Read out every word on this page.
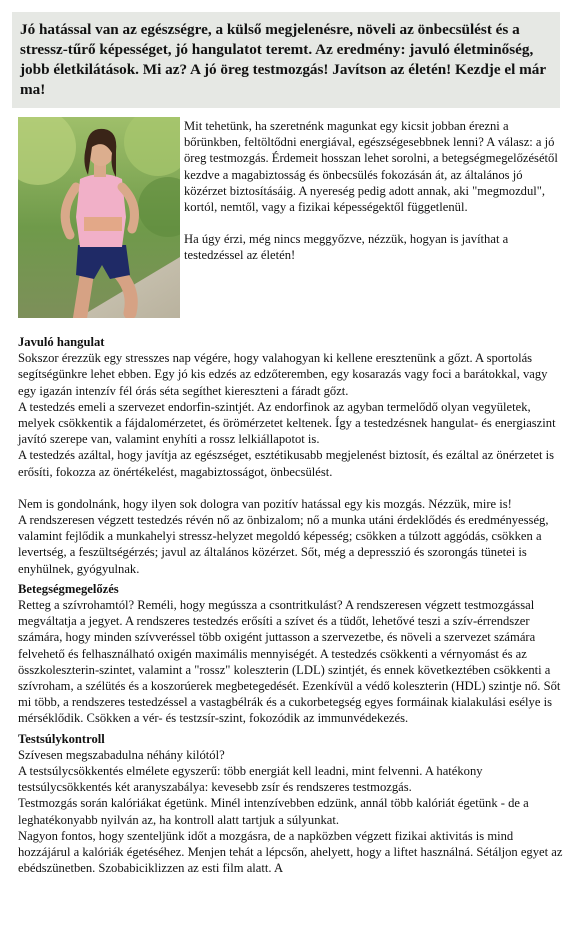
Jó hatással van az egészségre, a külső megjelenésre, növeli az önbecsülést és a stressz-tűrő képességet, jó hangulatot teremt. Az eredmény: javuló életminőség, jobb életkilátások. Mi az? A jó öreg testmozgás! Javítson az életén! Kezdje el már ma!

Mit tehetünk, ha szeretnénk magunkat egy kicsit jobban érezni a bőrünkben, feltöltődni energiával, egészségesebbnek lenni? A válasz: a jó öreg testmozgás. Érdemeit hosszan lehet sorolni, a betegségmegelőzésétől kezdve a magabiztosság és önbecsülés fokozásán át, az általános jó közérzet biztosításáig. A nyereség pedig adott annak, aki "megmozdul", kortól, nemtől, vagy a fizikai képességektől függetlenül.

Ha úgy érzi, még nincs meggyőzve, nézzük, hogyan is javíthat a testedzéssel az életén!

Javuló hangulat

Sokszor érezzük egy stresszes nap végére, hogy valahogyan ki kellene eresztenünk a gőzt. A sportolás segítségünkre lehet ebben. Egy jó kis edzés az edzőteremben, egy kosarazás vagy foci a barátokkal, vagy egy igazán intenzív fél órás séta segíthet kiereszteni a fáradt gőzt.

A testedzés emeli a szervezet endorfin-szintjét. Az endorfinok az agyban termelődő olyan vegyületek, melyek csökkentik a fájdalomérzetet, és örömérzetet keltenek. Így a testedzésnek hangulat- és energiaszint javító szerepe van, valamint enyhíti a rossz lelkiállapotot is.

A testedzés azáltal, hogy javítja az egészséget, esztétikusabb megjelenést biztosít, és ezáltal az önérzetet is erősíti, fokozza az önértékelést, magabiztosságot, önbecsülést.

Nem is gondolnánk, hogy ilyen sok dologra van pozitív hatással egy kis mozgás. Nézzük, mire is!

A rendszeresen végzett testedzés révén nő az önbizalom; nő a munka utáni érdeklődés és eredményesség, valamint fejlődik a munkahelyi stressz-helyzet megoldó képesség; csökken a túlzott aggódás, csökken a levertség, a feszültségérzés; javul az általános közérzet. Sőt, még a depresszió és szorongás tünetei is enyhülnek, gyógyulnak.

Betegségmegelőzés

Retteg a szívrohamtól? Reméli, hogy megússza a csontritkulást? A rendszeresen végzett testmozgással megváltatja a jegyet. A rendszeres testedzés erősíti a szívet és a tüdőt, lehetővé teszi a szív-érrendszer számára, hogy minden szívveréssel több oxigént juttasson a szervezetbe, és növeli a szervezet számára felvehető és felhasználható oxigén maximális mennyiségét. A testedzés csökkenti a vérnyomást és az összkoleszterin-szintet, valamint a "rossz" koleszterin (LDL) szintjét, és ennek következtében csökkenti a szívroham, a szélütés és a koszorúerek megbetegedését. Ezenkívül a védő koleszterin (HDL) szintje nő. Sőt mi több, a rendszeres testedzéssel a vastagbélrák és a cukorbetegség egyes formáinak kialakulási esélye is mérséklődik. Csökken a vér- és testzsír-szint, fokozódik az immunvédekezés.

Testsúlykontroll

Szívesen megszabadulna néhány kilótól?

A testsúlycsökkentés elmélete egyszerű: több energiát kell leadni, mint felvenni. A hatékony testsúlycsökkentés két aranyszabálya: kevesebb zsír és rendszeres testmozgás.

Testmozgás során kalóriákat égetünk. Minél intenzívebben edzünk, annál több kalóriát égetünk - de a leghatékonyabb nyilván az, ha kontroll alatt tartjuk a súlyunkat.

Nagyon fontos, hogy szenteljünk időt a mozgásra, de a napközben végzett fizikai aktivitás is mind hozzájárul a kalóriák égetéséhez. Menjen tehát a lépcsőn, ahelyett, hogy a liftet használná. Sétáljon egyet az ebédszünetben. Szobabiciklizzen az esti film alatt. A
